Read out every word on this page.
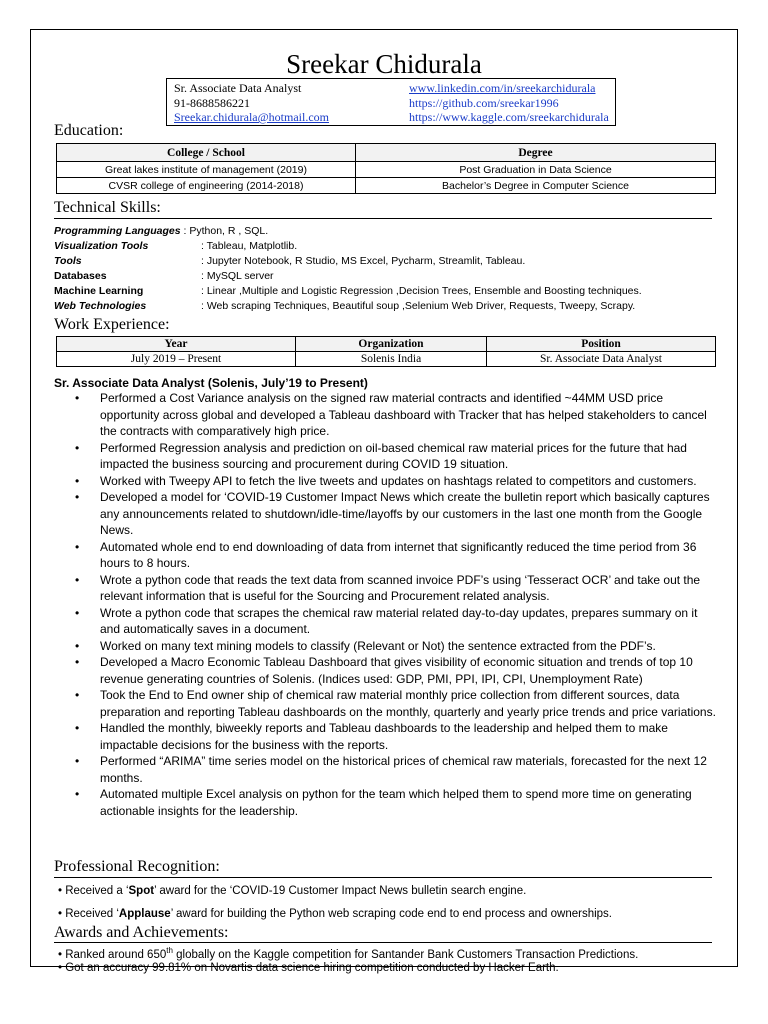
Sreekar Chidurala
Sr. Associate Data Analyst
91-8688586221
Sreekar.chidurala@hotmail.com
www.linkedin.com/in/sreekarchidurala
https://github.com/sreekar1996
https://www.kaggle.com/sreekarchidurala
Education:
College / School	Degree
Great lakes institute of management (2019)	Post Graduation in Data Science
CVSR college of engineering (2014-2018)	Bachelor’s Degree in Computer Science
Technical Skills:
Programming Languages : Python, R , SQL.
Visualization Tools	: Tableau, Matplotlib.
Tools	: Jupyter Notebook, R Studio, MS Excel, Pycharm, Streamlit, Tableau.
Databases	: MySQL server
Machine Learning	: Linear ,Multiple and Logistic Regression ,Decision Trees, Ensemble and Boosting techniques.
Web Technologies	: Web scraping Techniques, Beautiful soup ,Selenium Web Driver, Requests, Tweepy, Scrapy.
Work Experience:
Year	Organization	Position
July 2019 – Present	Solenis India	Sr. Associate Data Analyst
Sr. Associate Data Analyst (Solenis, July’19 to Present)
• Performed a Cost Variance analysis on the signed raw material contracts and identified ~44MM USD price opportunity across global and developed a Tableau dashboard with Tracker that has helped stakeholders to cancel the contracts with comparatively high price.
• Performed Regression analysis and prediction on oil-based chemical raw material prices for the future that had impacted the business sourcing and procurement during COVID 19 situation.
• Worked with Tweepy API to fetch the live tweets and updates on hashtags related to competitors and customers.
• Developed a model for ‘COVID-19 Customer Impact News which create the bulletin report which basically captures any announcements related to shutdown/idle-time/layoffs by our customers in the last one month from the Google News.
• Automated whole end to end downloading of data from internet that significantly reduced the time period from 36 hours to 8 hours.
• Wrote a python code that reads the text data from scanned invoice PDF’s using ‘Tesseract OCR’ and take out the relevant information that is useful for the Sourcing and Procurement related analysis.
• Wrote a python code that scrapes the chemical raw material related day-to-day updates, prepares summary on it and automatically saves in a document.
• Worked on many text mining models to classify (Relevant or Not) the sentence extracted from the PDF’s.
• Developed a Macro Economic Tableau Dashboard that gives visibility of economic situation and trends of top 10 revenue generating countries of Solenis. (Indices used: GDP, PMI, PPI, IPI, CPI, Unemployment Rate)
• Took the End to End owner ship of chemical raw material monthly price collection from different sources, data preparation and reporting Tableau dashboards on the monthly, quarterly and yearly price trends and price variations.
• Handled the monthly, biweekly reports and Tableau dashboards to the leadership and helped them to make impactable decisions for the business with the reports.
• Performed “ARIMA” time series model on the historical prices of chemical raw materials, forecasted for the next 12 months.
• Automated multiple Excel analysis on python for the team which helped them to spend more time on generating actionable insights for the leadership.
Professional Recognition:
• Received a ‘Spot’ award for the ‘COVID-19 Customer Impact News bulletin search engine.
• Received ‘Applause’ award for building the Python web scraping code end to end process and ownerships.
Awards and Achievements:
• Ranked around 650th globally on the Kaggle competition for Santander Bank Customers Transaction Predictions.
• Got an accuracy 99.81% on Novartis data science hiring competition conducted by Hacker Earth.
